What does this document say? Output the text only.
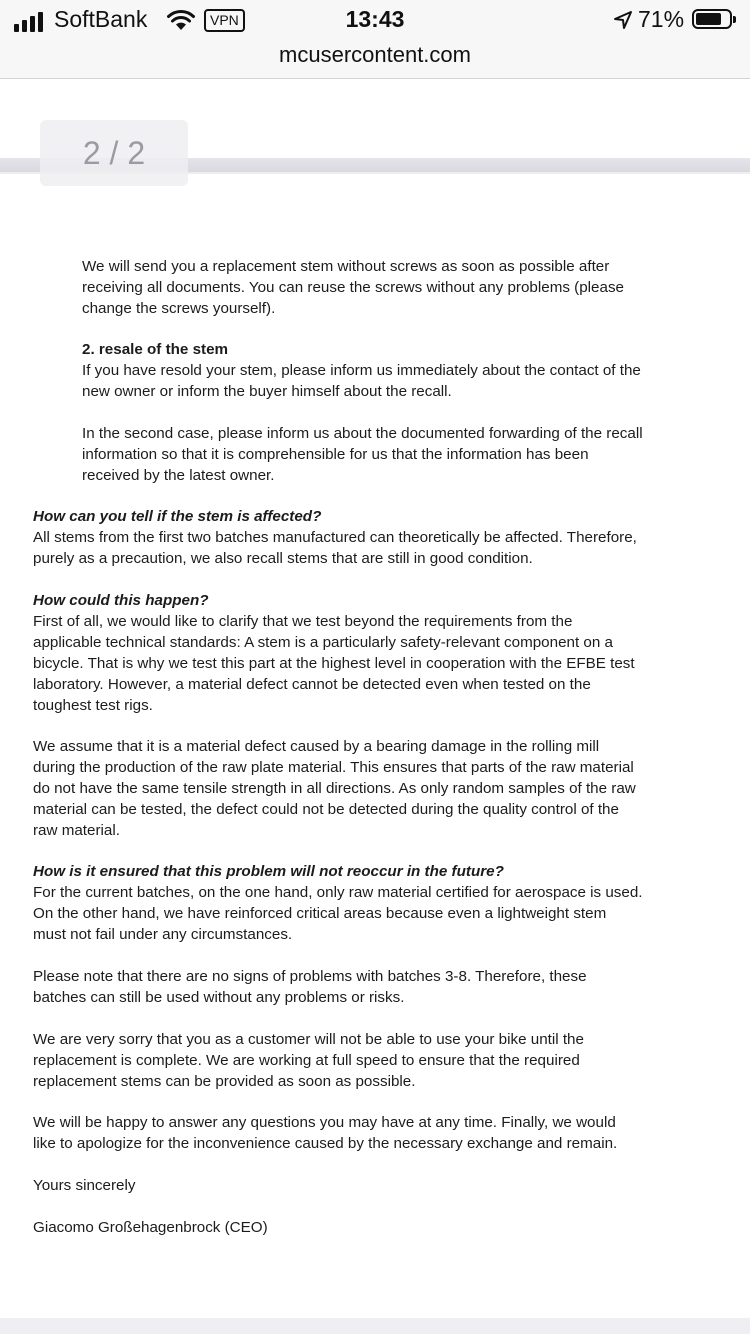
SoftBank	VPN	13:43	71%
mcusercontent.com
2 / 2
We will send you a replacement stem without screws as soon as possible after
receiving all documents. You can reuse the screws without any problems (please
change the screws yourself).
2. resale of the stem
If you have resold your stem, please inform us immediately about the contact of the
new owner or inform the buyer himself about the recall.
In the second case, please inform us about the documented forwarding of the recall
information so that it is comprehensible for us that the information has been
received by the latest owner.
How can you tell if the stem is affected?
All stems from the first two batches manufactured can theoretically be affected. Therefore,
purely as a precaution, we also recall stems that are still in good condition.
How could this happen?
First of all, we would like to clarify that we test beyond the requirements from the
applicable technical standards: A stem is a particularly safety-relevant component on a
bicycle. That is why we test this part at the highest level in cooperation with the EFBE test
laboratory. However, a material defect cannot be detected even when tested on the
toughest test rigs.
We assume that it is a material defect caused by a bearing damage in the rolling mill
during the production of the raw plate material. This ensures that parts of the raw material
do not have the same tensile strength in all directions. As only random samples of the raw
material can be tested, the defect could not be detected during the quality control of the
raw material.
How is it ensured that this problem will not reoccur in the future?
For the current batches, on the one hand, only raw material certified for aerospace is used.
On the other hand, we have reinforced critical areas because even a lightweight stem
must not fail under any circumstances.
Please note that there are no signs of problems with batches 3-8. Therefore, these
batches can still be used without any problems or risks.
We are very sorry that you as a customer will not be able to use your bike until the
replacement is complete. We are working at full speed to ensure that the required
replacement stems can be provided as soon as possible.
We will be happy to answer any questions you may have at any time. Finally, we would
like to apologize for the inconvenience caused by the necessary exchange and remain.
Yours sincerely
Giacomo Großehagenbrock (CEO)
